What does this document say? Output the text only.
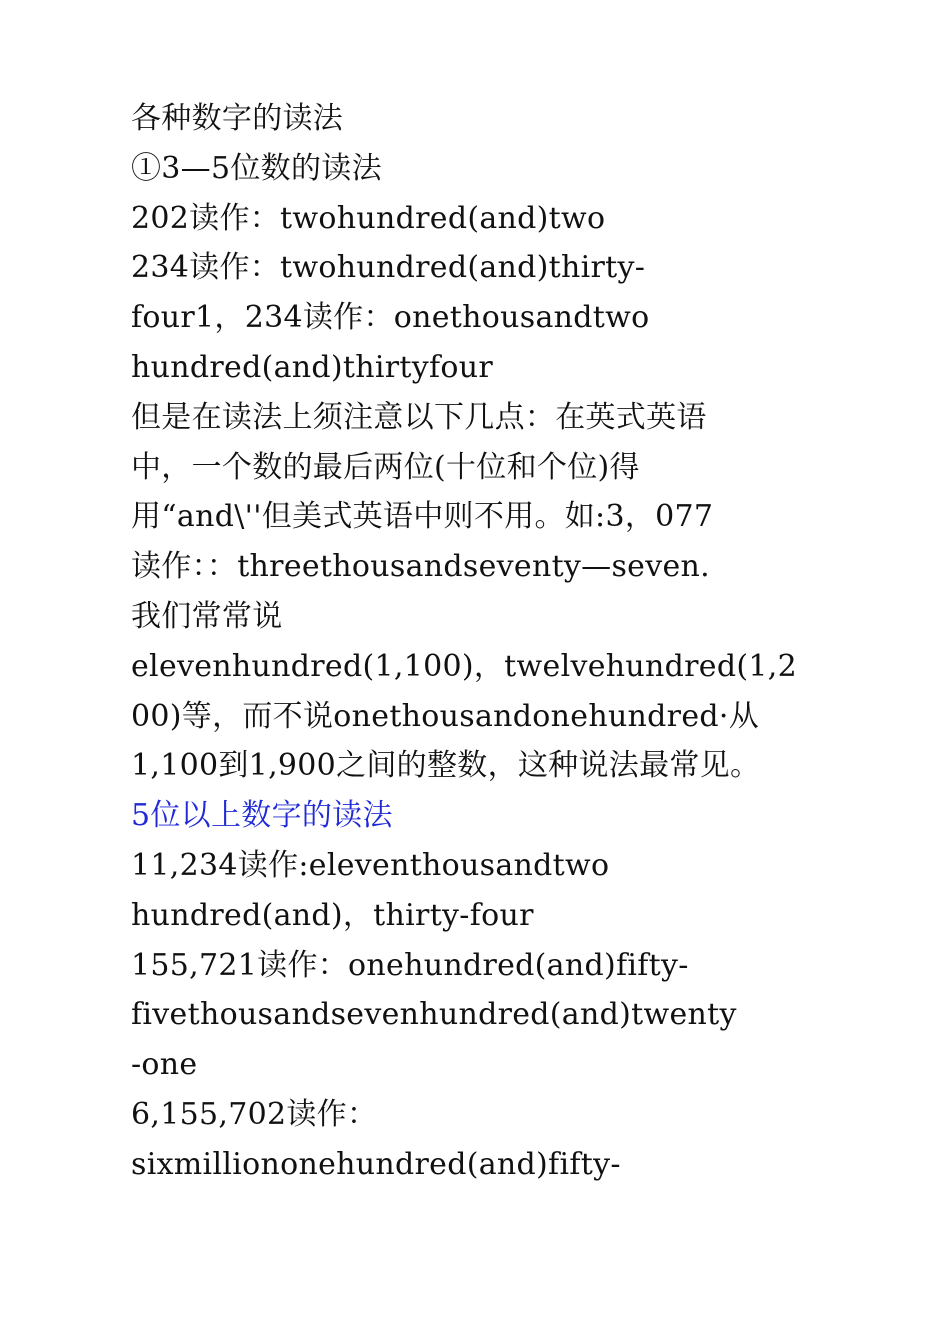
各种数字的读法

①3—5位数的读法

202读作：twohundred(and)two

234读作：twohundred(and)thirty-

four1，234读作：onethousandtwo

hundred(and)thirtyfour

但是在读法上须注意以下几点：在英式英语

中，一个数的最后两位(十位和个位)得

用“and\''但美式英语中则不用。如:3，077

读作：：threethousandseventy—seven.

我们常常说

elevenhundred(1,100)，twelvehundred(1,2

00)等，而不说onethousandonehundred·从

1,100到1,900之间的整数，这种说法最常见。

5位以上数字的读法

11,234读作:eleventhousandtwo

hundred(and)，thirty-four

155,721读作：onehundred(and)fifty-

fivethousandsevenhundred(and)twenty

-one

6,155,702读作：

sixmilliononehundred(and)fifty-
